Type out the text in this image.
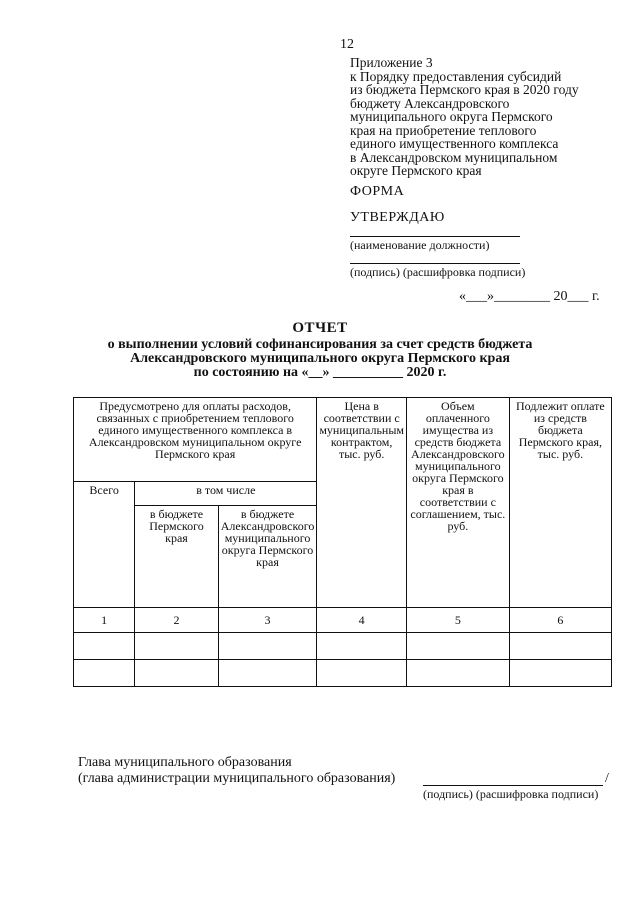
12
Приложение 3
к Порядку предоставления субсидий
из бюджета Пермского края в 2020 году
бюджету Александровского
муниципального округа Пермского
края на приобретение теплового
единого имущественного комплекса
в Александровском муниципальном
округе Пермского края
ФОРМА
УТВЕРЖДАЮ
(наименование должности)
(подпись) (расшифровка подписи)
«___»________ 20___ г.
ОТЧЕТ
о выполнении условий софинансирования за счет средств бюджета
Александровского муниципального округа Пермского края
по состоянию на «__» __________ 2020 г.
Предусмотрено для оплаты расходов, связанных с приобретением теплового единого имущественного комплекса в Александровском муниципальном округе Пермского края			Цена в соответствии с муниципальным контрактом, тыс. руб.	Объем оплаченного имущества из средств бюджета Александровского муниципального округа Пермского края в соответствии с соглашением, тыс. руб.	Подлежит оплате из средств бюджета Пермского края, тыс. руб.
Всего	в том числе				
	в бюджете Пермского края	в бюджете Александровского муниципального округа Пермского края			
1	2	3	4	5	6

Глава муниципального образования
(глава администрации муниципального образования)	/
(подпись) (расшифровка подписи)
